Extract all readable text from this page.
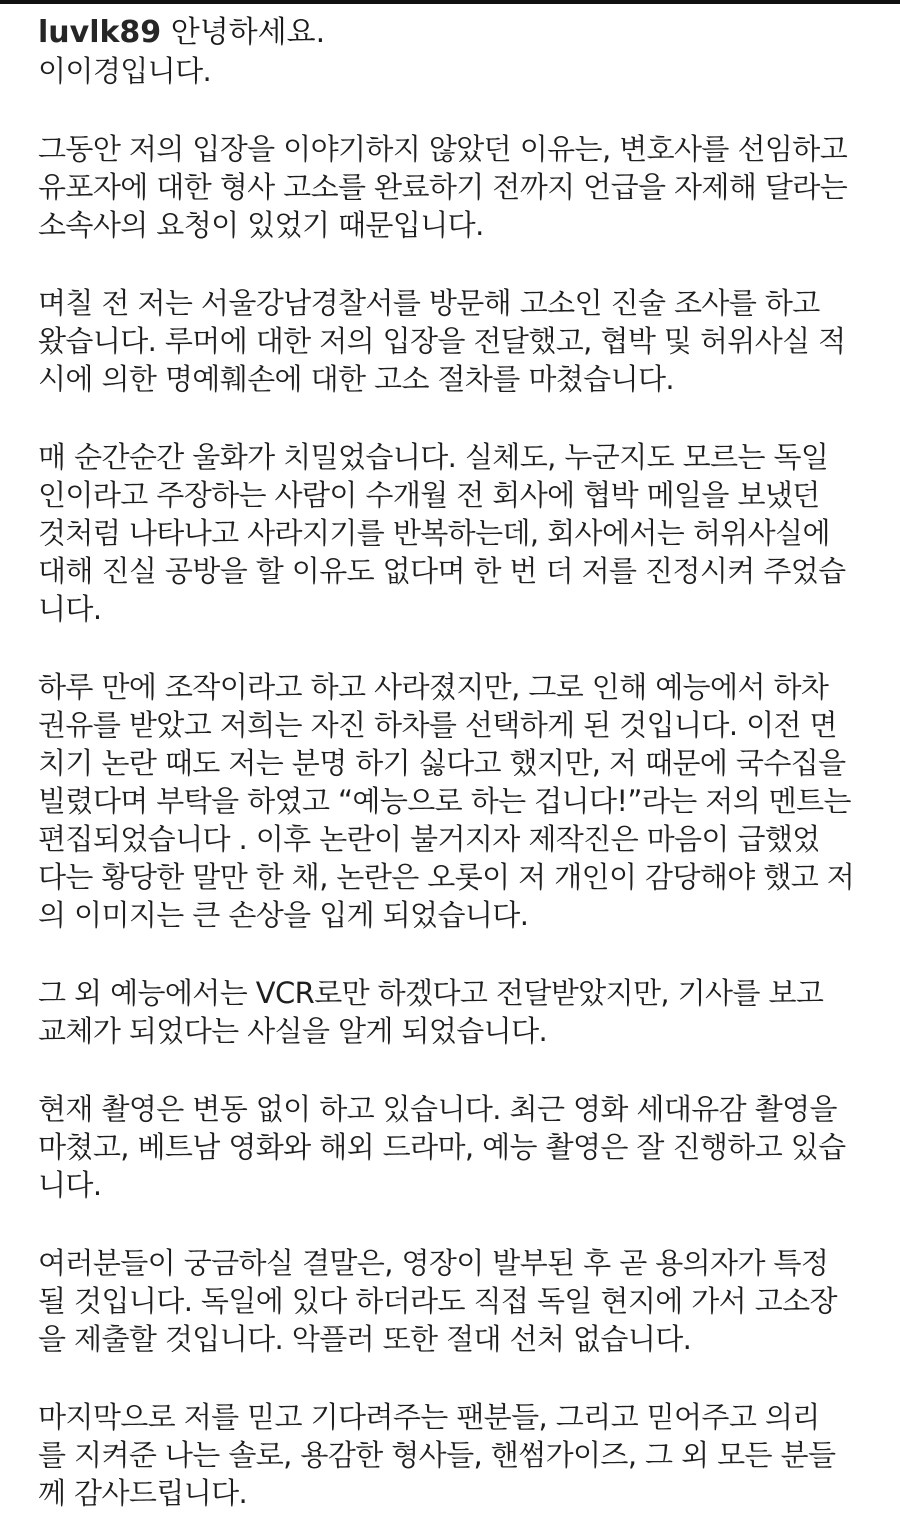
luvlk89 안녕하세요.
이이경입니다.
그동안 저의 입장을 이야기하지 않았던 이유는, 변호사를 선임하고
유포자에 대한 형사 고소를 완료하기 전까지 언급을 자제해 달라는
소속사의 요청이 있었기 때문입니다.
며칠 전 저는 서울강남경찰서를 방문해 고소인 진술 조사를 하고
왔습니다. 루머에 대한 저의 입장을 전달했고, 협박 및 허위사실 적
시에 의한 명예훼손에 대한 고소 절차를 마쳤습니다.
매 순간순간 울화가 치밀었습니다. 실체도, 누군지도 모르는 독일
인이라고 주장하는 사람이 수개월 전 회사에 협박 메일을 보냈던
것처럼 나타나고 사라지기를 반복하는데, 회사에서는 허위사실에
대해 진실 공방을 할 이유도 없다며 한 번 더 저를 진정시켜 주었습
니다.
하루 만에 조작이라고 하고 사라졌지만, 그로 인해 예능에서 하차
권유를 받았고 저희는 자진 하차를 선택하게 된 것입니다. 이전 면
치기 논란 때도 저는 분명 하기 싫다고 했지만, 저 때문에 국수집을
빌렸다며 부탁을 하였고 “예능으로 하는 겁니다!”라는 저의 멘트는
편집되었습니다 . 이후 논란이 불거지자 제작진은 마음이 급했었
다는 황당한 말만 한 채, 논란은 오롯이 저 개인이 감당해야 했고 저
의 이미지는 큰 손상을 입게 되었습니다.
그 외 예능에서는 VCR로만 하겠다고 전달받았지만, 기사를 보고
교체가 되었다는 사실을 알게 되었습니다.
현재 촬영은 변동 없이 하고 있습니다. 최근 영화 세대유감 촬영을
마쳤고, 베트남 영화와 해외 드라마, 예능 촬영은 잘 진행하고 있습
니다.
여러분들이 궁금하실 결말은, 영장이 발부된 후 곧 용의자가 특정
될 것입니다. 독일에 있다 하더라도 직접 독일 현지에 가서 고소장
을 제출할 것입니다. 악플러 또한 절대 선처 없습니다.
마지막으로 저를 믿고 기다려주는 팬분들, 그리고 믿어주고 의리
를 지켜준 나는 솔로, 용감한 형사들, 핸썸가이즈, 그 외 모든 분들
께 감사드립니다.
